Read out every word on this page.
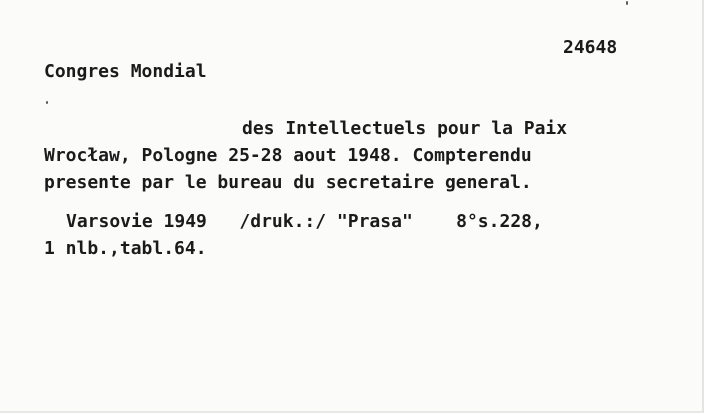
24648
Congres Mondial
des Intellectuels pour la Paix
Wrocław, Pologne 25-28 aout 1948. Compterendu
presente par le bureau du secretaire general.
Varsovie 1949   /druk.:/ "Prasa"    8°s.228,
1 nlb.,tabl.64.
